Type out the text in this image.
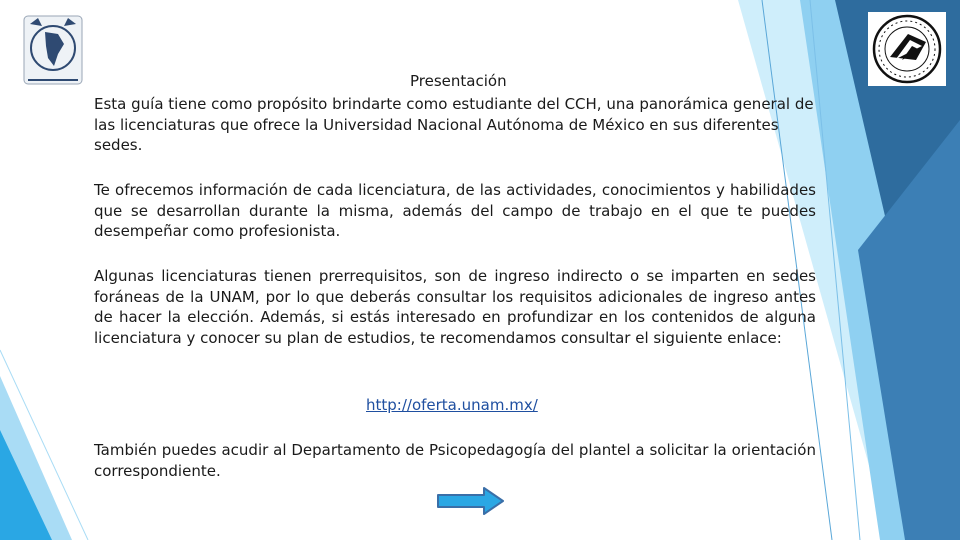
Presentación

Esta guía tiene como propósito brindarte como estudiante del CCH, una panorámica general de las licenciaturas que ofrece la Universidad Nacional Autónoma de México en sus diferentes sedes.

Te ofrecemos información de cada licenciatura, de las actividades, conocimientos y habilidades que se desarrollan durante la misma, además del campo de trabajo en el que te puedes desempeñar como profesionista.

Algunas licenciaturas tienen prerrequisitos, son de ingreso indirecto o se imparten en sedes foráneas de la UNAM, por lo que deberás consultar los requisitos adicionales de ingreso antes de hacer la elección. Además, si estás interesado en profundizar en los contenidos de alguna licenciatura y conocer su plan de estudios, te recomendamos consultar el siguiente enlace:

http://oferta.unam.mx/

También puedes acudir al Departamento de Psicopedagogía del plantel a solicitar la orientación correspondiente.
